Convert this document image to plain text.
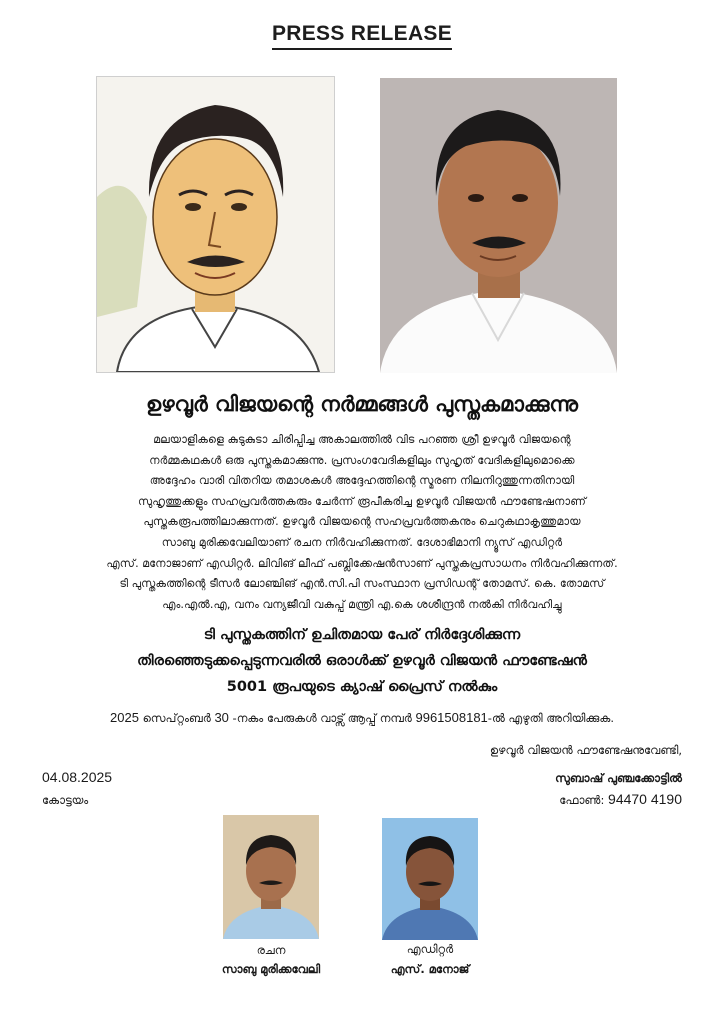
PRESS RELEASE
ഉഴവൂർ വിജയന്റെ നർമ്മങ്ങൾ പുസ്തകമാക്കുന്നു
മലയാളികളെ കുടുകുടാ ചിരിപ്പിച്ച അകാലത്തിൽ വിട പറഞ്ഞ ശ്രീ ഉഴവൂർ വിജയന്റെ
നർമ്മകഥകൾ ഒരു പുസ്തകമാക്കുന്നു. പ്രസംഗവേദികളിലും സുഹൃത് വേദികളിലുമൊക്കെ
അദ്ദേഹം വാരി വിതറിയ തമാശകൾ അദ്ദേഹത്തിന്റെ സ്മരണ നിലനിറുത്തുന്നതിനായി
സുഹൃത്തുക്കളും സഹപ്രവർത്തകരും ചേർന്ന് രൂപീകരിച്ച ഉഴവൂർ വിജയൻ ഫൗണ്ടേഷനാണ്
പുസ്തകരൂപത്തിലാക്കുന്നത്. ഉഴവൂർ വിജയന്റെ സഹപ്രവർത്തകനും ചെറുകഥാകൃത്തുമായ
സാബു മുരിക്കവേലിയാണ് രചന നിർവഹിക്കുന്നത്. ദേശാഭിമാനി ന്യൂസ് എഡിറ്റർ
എസ്. മനോജാണ് എഡിറ്റർ. ലിവിങ് ലീഫ് പബ്ലിക്കേഷൻസാണ് പുസ്തകപ്രസാധനം നിർവഹിക്കുന്നത്.
ടി പുസ്തകത്തിന്റെ ടീസർ ലോഞ്ചിങ് എൻ.സി.പി സംസ്ഥാന പ്രസിഡന്റ് തോമസ്. കെ. തോമസ്
എം.എൽ.എ, വനം വന്യജീവി വകുപ്പ് മന്ത്രി എ.കെ ശശീന്ദ്രൻ നൽകി നിർവഹിച്ചു
ടി പുസ്തകത്തിന് ഉചിതമായ പേര് നിർദ്ദേശിക്കുന്ന
തിരഞ്ഞെടുക്കപ്പെടുന്നവരിൽ ഒരാൾക്ക് ഉഴവൂർ വിജയൻ ഫൗണ്ടേഷൻ
5001 രൂപയുടെ ക്യാഷ് പ്രൈസ് നൽകും
2025 സെപ്റ്റംബർ 30 -നകം പേരുകൾ വാട്സ് ആപ്പ് നമ്പർ 9961508181-ൽ എഴുതി അറിയിക്കുക.
ഉഴവൂർ വിജയൻ ഫൗണ്ടേഷനുവേണ്ടി,
സുബാഷ് പുഞ്ചക്കോട്ടിൽ
ഫോൺ: 94470 4190
04.08.2025
കോട്ടയം
രചന
സാബു മുരിക്കവേലി
എഡിറ്റർ
എസ്. മനോജ്
